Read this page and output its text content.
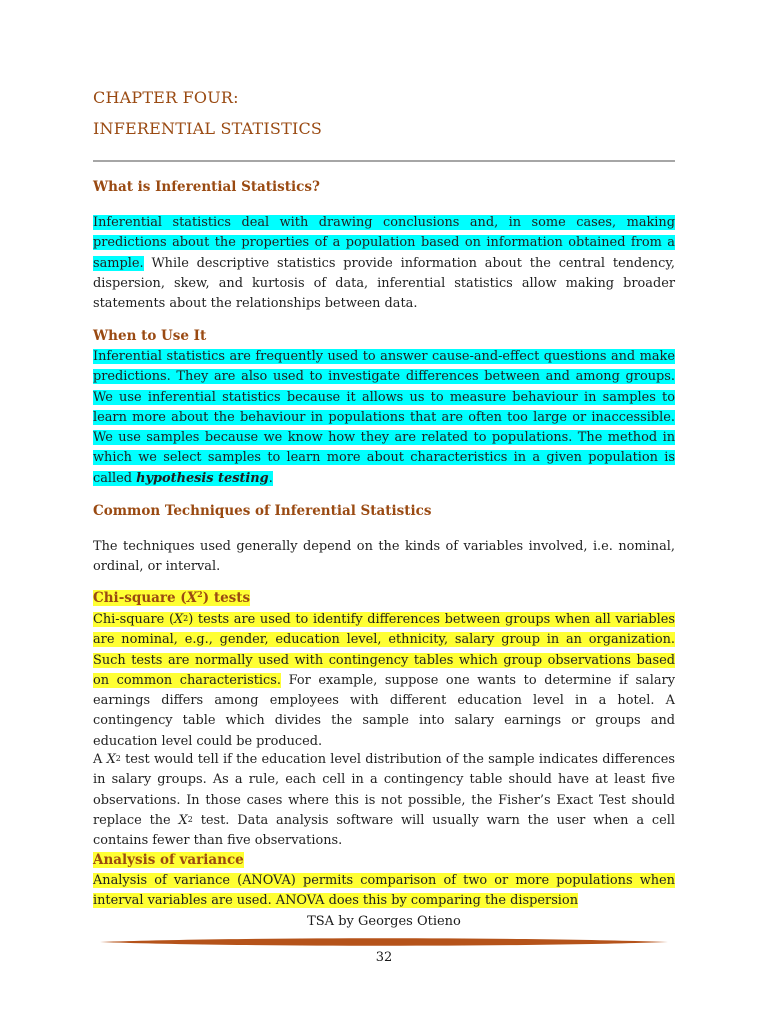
CHAPTER FOUR:
INFERENTIAL STATISTICS
What is Inferential Statistics?
Inferential statistics deal with drawing conclusions and, in some cases, making predictions about the properties of a population based on information obtained from a sample. While descriptive statistics provide information about the central tendency, dispersion, skew, and kurtosis of data, inferential statistics allow making broader statements about the relationships between data.
When to Use It
Inferential statistics are frequently used to answer cause-and-effect questions and make predictions. They are also used to investigate differences between and among groups. We use inferential statistics because it allows us to measure behaviour in samples to learn more about the behaviour in populations that are often too large or inaccessible. We use samples because we know how they are related to populations. The method in which we select samples to learn more about characteristics in a given population is called hypothesis testing.
Common Techniques of Inferential Statistics
The techniques used generally depend on the kinds of variables involved, i.e. nominal, ordinal, or interval.
Chi-square $(X^2)$ tests
Chi-square $(X^2)$ tests are used to identify differences between groups when all variables are nominal, e.g., gender, education level, ethnicity, salary group in an organization. Such tests are normally used with contingency tables which group observations based on common characteristics. For example, suppose one wants to determine if salary earnings differs among employees with different education level in a hotel. A contingency table which divides the sample into salary earnings or groups and education level could be produced.
A $X^2$ test would tell if the education level distribution of the sample indicates differences in salary groups. As a rule, each cell in a contingency table should have at least five observations. In those cases where this is not possible, the Fisher’s Exact Test should replace the $X^2$ test. Data analysis software will usually warn the user when a cell contains fewer than five observations.
Analysis of variance
Analysis of variance (ANOVA) permits comparison of two or more populations when interval variables are used. ANOVA does this by comparing the dispersion
TSA by Georges Otieno
32
